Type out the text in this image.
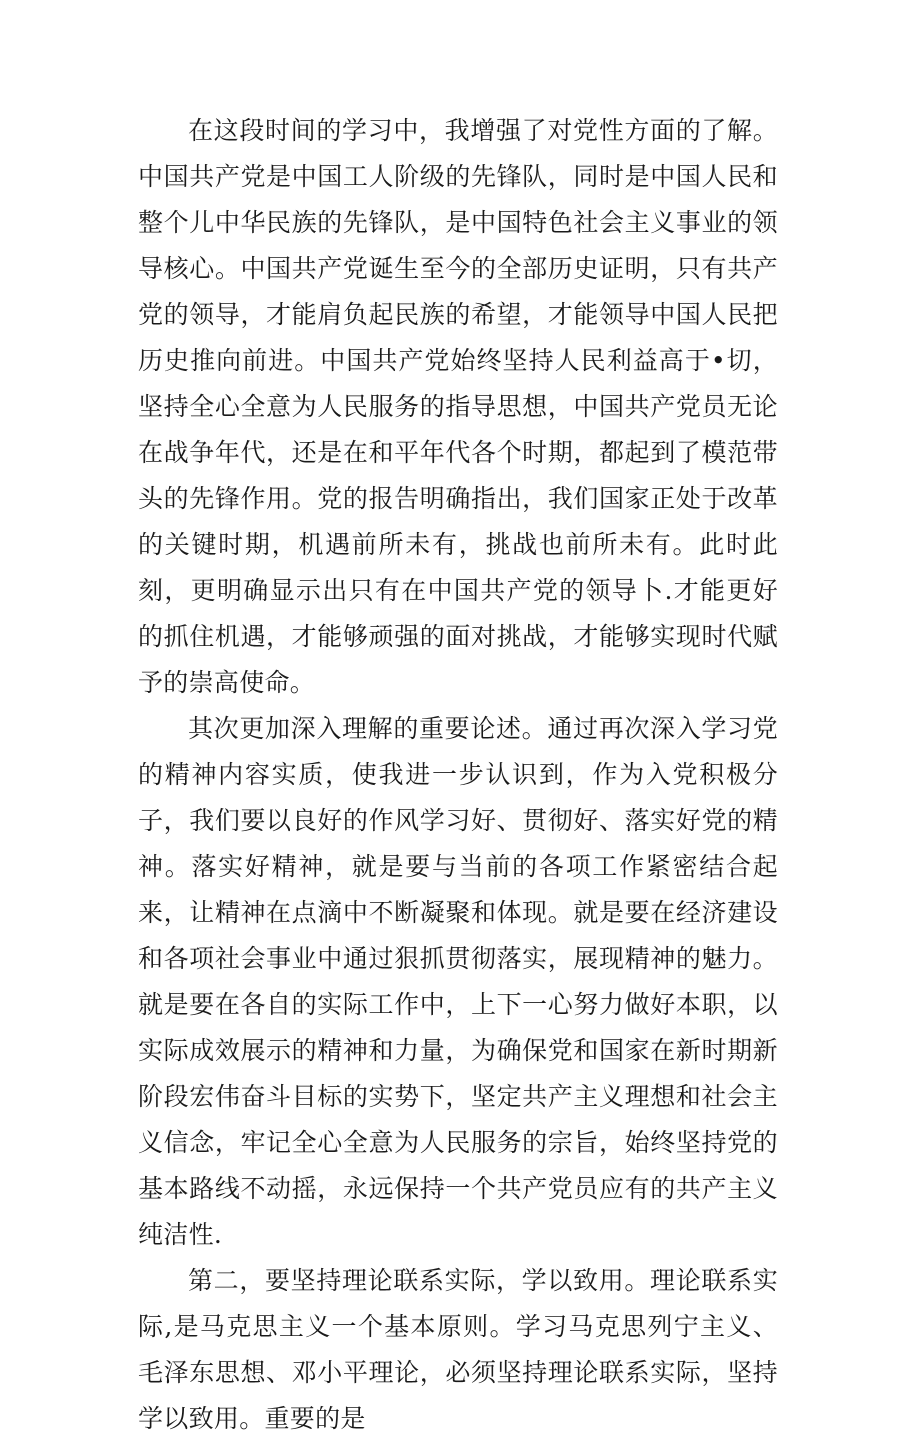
在这段时间的学习中，我增强了对党性方面的了解。中国共产党是中国工人阶级的先锋队，同时是中国人民和整个儿中华民族的先锋队，是中国特色社会主义事业的领导核心。中国共产党诞生至今的全部历史证明，只有共产党的领导，才能肩负起民族的希望，才能领导中国人民把历史推向前进。中国共产党始终坚持人民利益高于•切，坚持全心全意为人民服务的指导思想，中国共产党员无论在战争年代，还是在和平年代各个时期，都起到了模范带头的先锋作用。党的报告明确指出，我们国家正处于改革的关键时期，机遇前所未有，挑战也前所未有。此时此刻，更明确显示出只有在中国共产党的领导卜.才能更好的抓住机遇，才能够顽强的面对挑战，才能够实现时代赋予的崇高使命。

其次更加深入理解的重要论述。通过再次深入学习党的精神内容实质，使我进一步认识到，作为入党积极分子，我们要以良好的作风学习好、贯彻好、落实好党的精神。落实好精神，就是要与当前的各项工作紧密结合起来，让精神在点滴中不断凝聚和体现。就是要在经济建设和各项社会事业中通过狠抓贯彻落实，展现精神的魅力。就是要在各自的实际工作中，上下一心努力做好本职，以实际成效展示的精神和力量，为确保党和国家在新时期新阶段宏伟奋斗目标的实势下，坚定共产主义理想和社会主义信念，牢记全心全意为人民服务的宗旨，始终坚持党的基本路线不动摇，永远保持一个共产党员应有的共产主义纯洁性.

第二，要坚持理论联系实际，学以致用。理论联系实际,是马克思主义一个基本原则。学习马克思列宁主义、毛泽东思想、邓小平理论，必须坚持理论联系实际，坚持学以致用。重要的是
